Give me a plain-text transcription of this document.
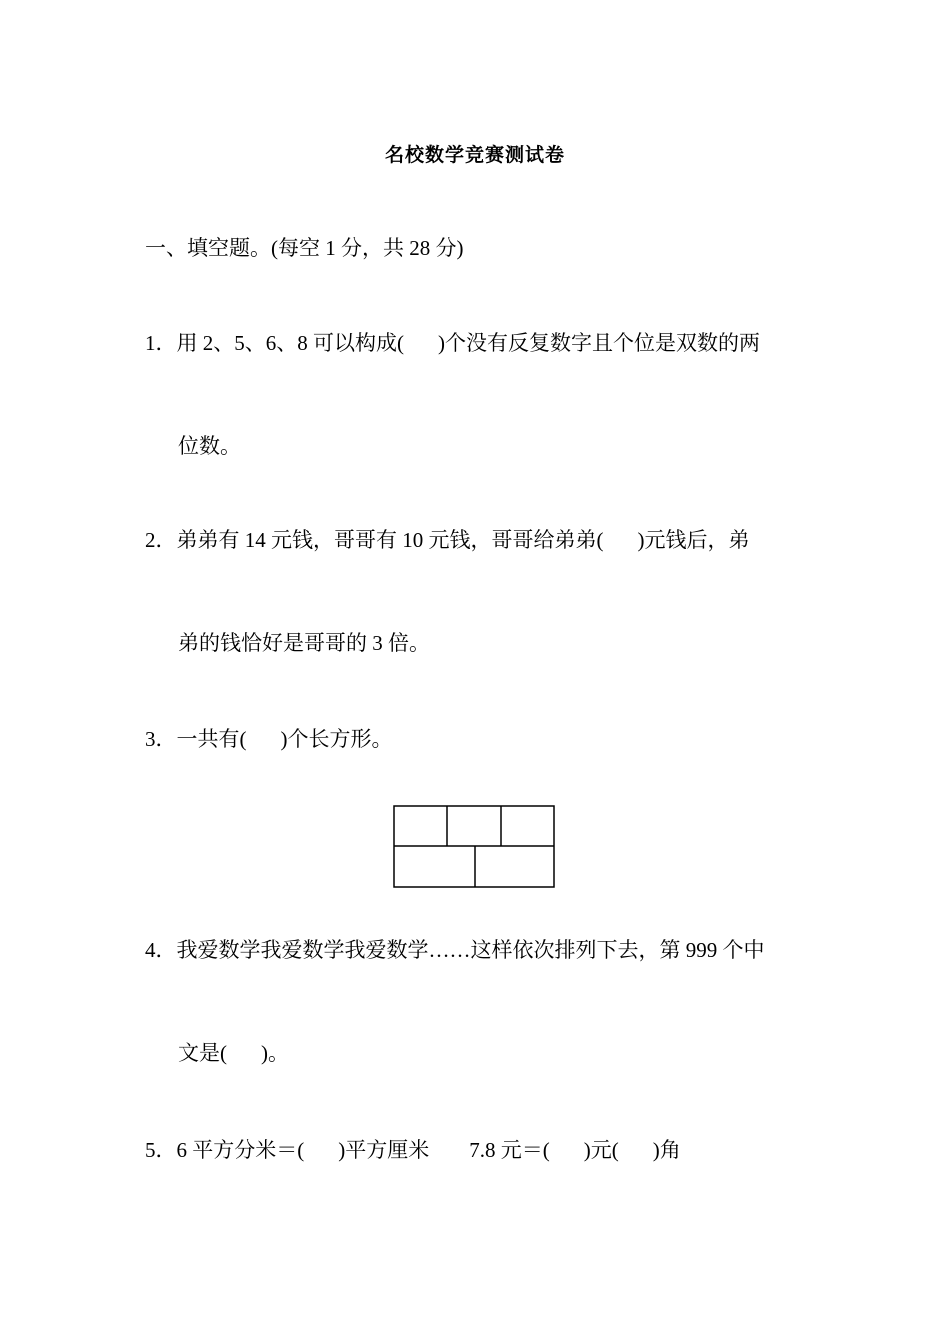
名校数学竞赛测试卷
一、填空题。(每空 1 分，共 28 分)
1．用 2、5、6、8 可以构成( )个没有反复数字且个位是双数的两
位数。
2．弟弟有 14 元钱，哥哥有 10 元钱，哥哥给弟弟( )元钱后，弟
弟的钱恰好是哥哥的 3 倍。
3．一共有( )个长方形。
4．我爱数学我爱数学我爱数学……这样依次排列下去，第 999 个中
文是( )。
5．6 平方分米＝( )平方厘米 7.8 元＝( )元( )角
